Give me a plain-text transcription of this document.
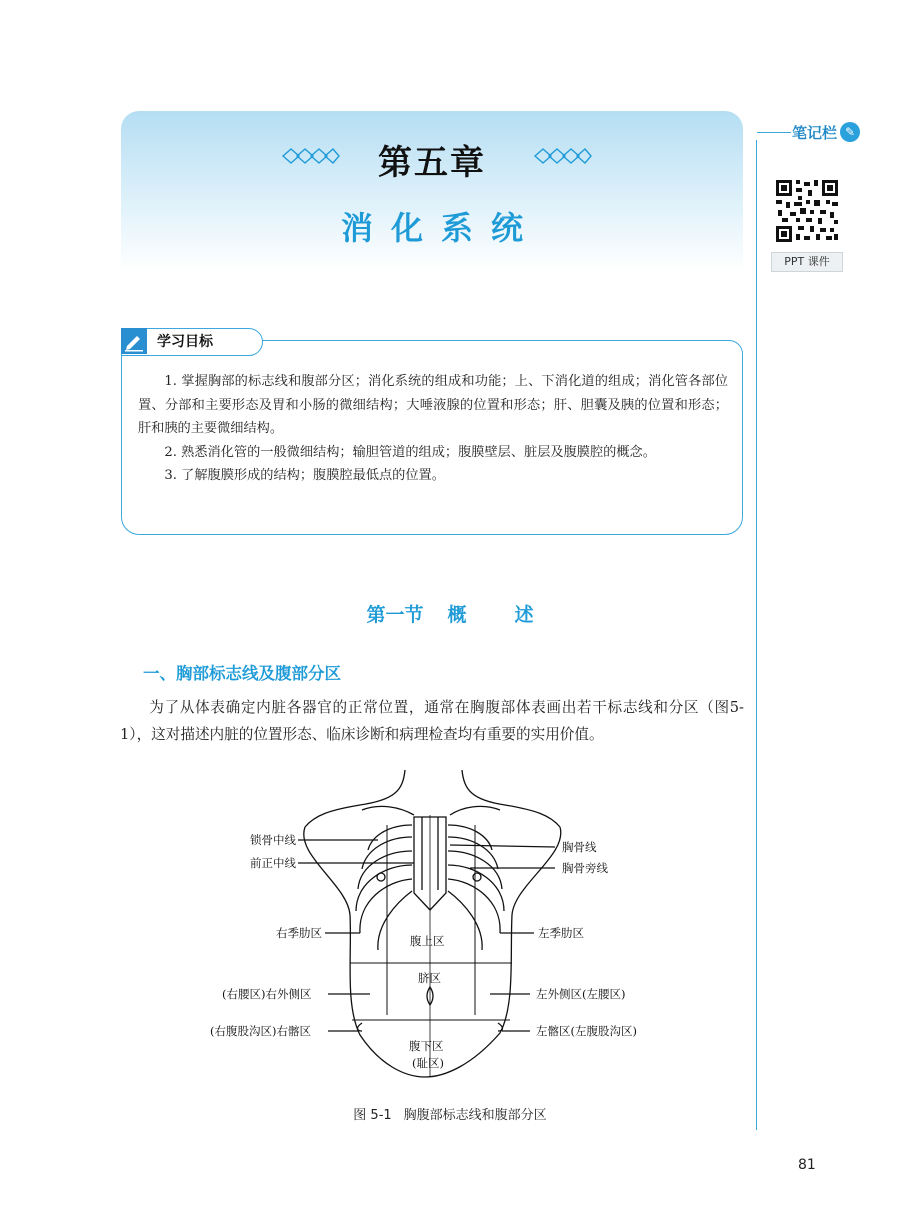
第五章
消化系统
笔记栏 ✎
PPT 课件
学习目标

1. 掌握胸部的标志线和腹部分区；消化系统的组成和功能；上、下消化道的组成；消化管各部位置、分部和主要形态及胃和小肠的微细结构；大唾液腺的位置和形态；肝、胆囊及胰的位置和形态；肝和胰的主要微细结构。

2. 熟悉消化管的一般微细结构；输胆管道的组成；腹膜壁层、脏层及腹膜腔的概念。

3. 了解腹膜形成的结构；腹膜腔最低点的位置。

第一节 概	述
一、胸部标志线及腹部分区

为了从体表确定内脏各器官的正常位置，通常在胸腹部体表画出若干标志线和分区（图5-1），这对描述内脏的位置形态、临床诊断和病理检查均有重要的实用价值。

锁骨中线
前正中线
胸骨线
胸骨旁线
右季肋区
腹上区
左季肋区
脐区
(右腰区)右外侧区	左外侧区(左腰区)
(右腹股沟区)右髂区
腹下区
(耻区)
左髂区(左腹股沟区)
图 5-1 胸腹部标志线和腹部分区
81
